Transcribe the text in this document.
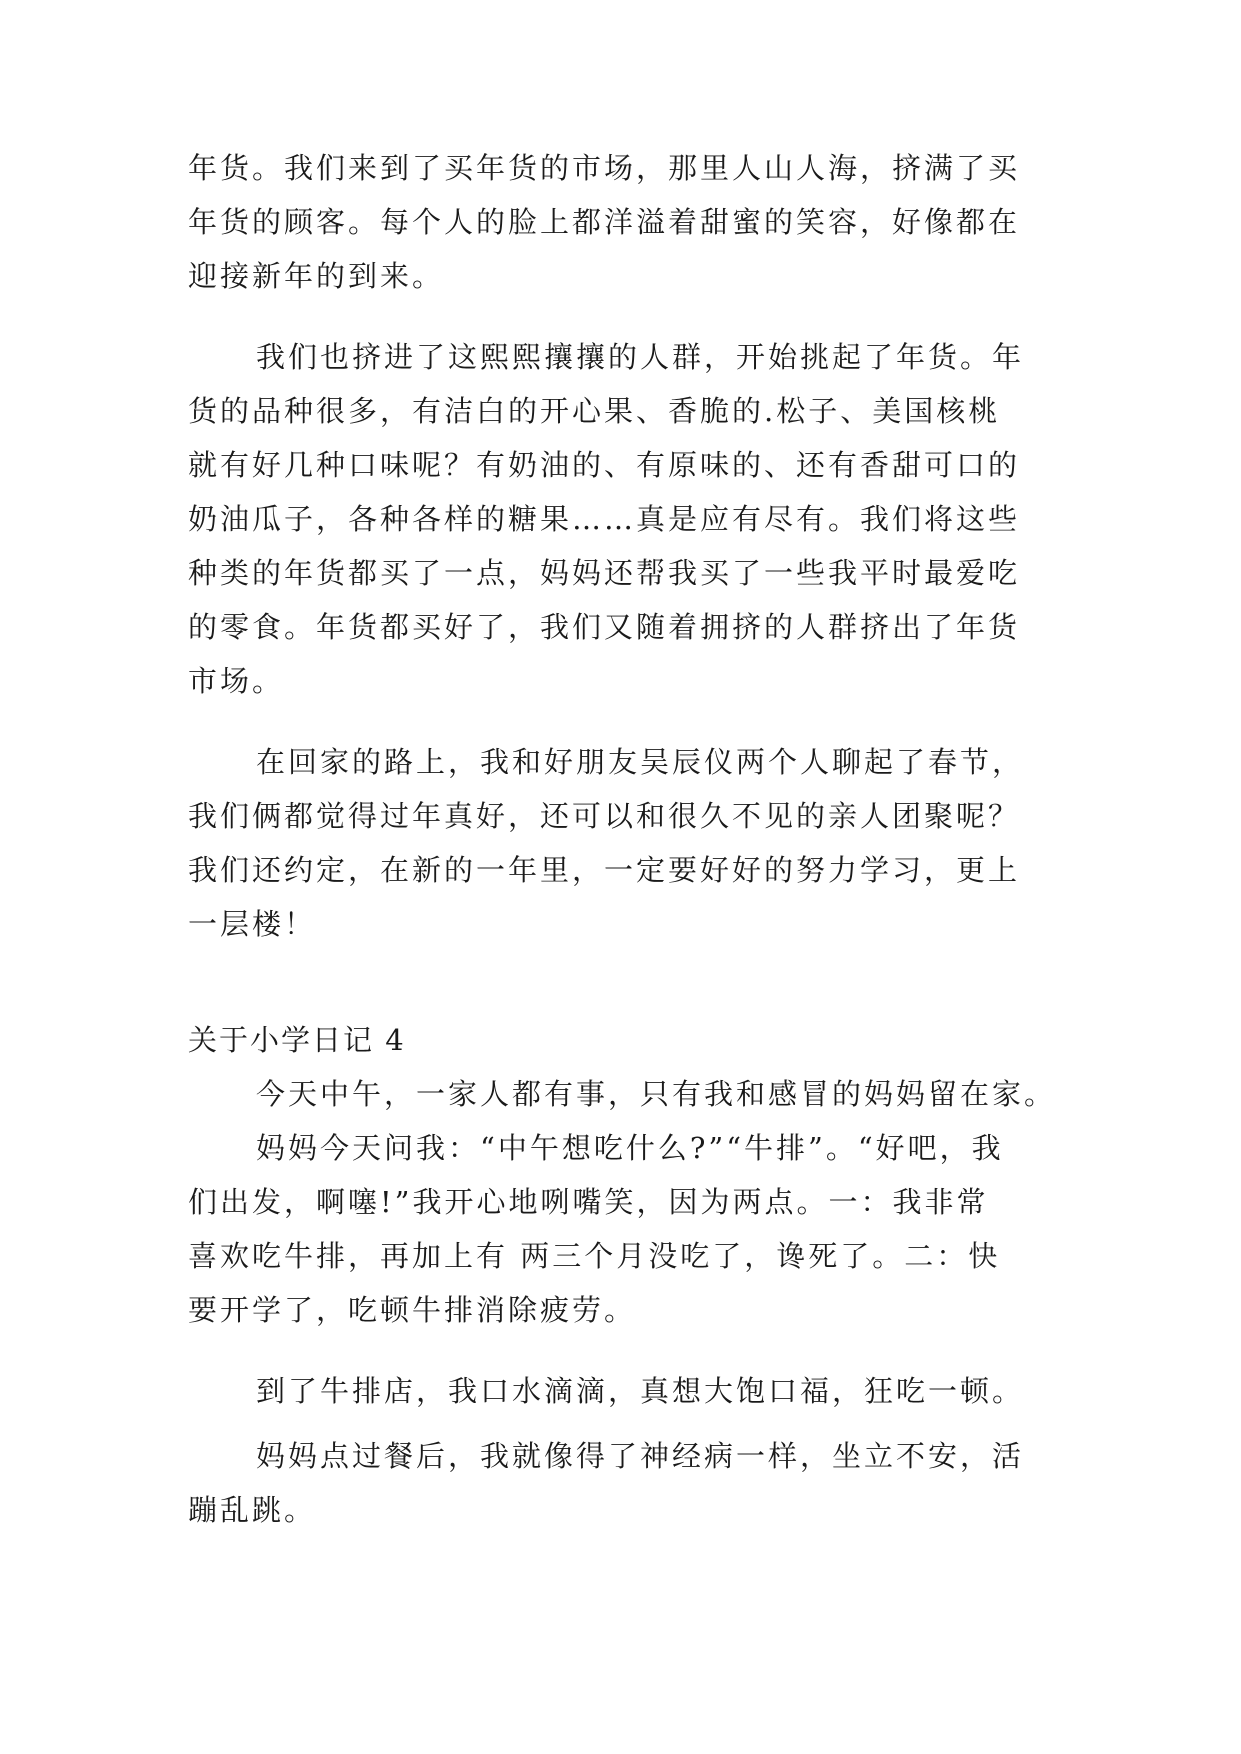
年货。我们来到了买年货的市场，那里人山人海，挤满了买
年货的顾客。每个人的脸上都洋溢着甜蜜的笑容，好像都在
迎接新年的到来。
我们也挤进了这熙熙攘攘的人群，开始挑起了年货。年
货的品种很多，有洁白的开心果、香脆的.松子、美国核桃
就有好几种口味呢？有奶油的、有原味的、还有香甜可口的
奶油瓜子，各种各样的糖果……真是应有尽有。我们将这些
种类的年货都买了一点，妈妈还帮我买了一些我平时最爱吃
的零食。年货都买好了，我们又随着拥挤的人群挤出了年货
市场。
在回家的路上，我和好朋友吴辰仪两个人聊起了春节，
我们俩都觉得过年真好，还可以和很久不见的亲人团聚呢？
我们还约定，在新的一年里，一定要好好的努力学习，更上
一层楼！
关于小学日记 4
今天中午，一家人都有事，只有我和感冒的妈妈留在家。
妈妈今天问我：“中午想吃什么?”“牛排”。“好吧，我
们出发，啊噻!”我开心地咧嘴笑，因为两点。一：我非常
喜欢吃牛排，再加上有 两三个月没吃了，谗死了。二：快
要开学了，吃顿牛排消除疲劳。
到了牛排店，我口水滴滴，真想大饱口福，狂吃一顿。
妈妈点过餐后，我就像得了神经病一样，坐立不安，活
蹦乱跳。
